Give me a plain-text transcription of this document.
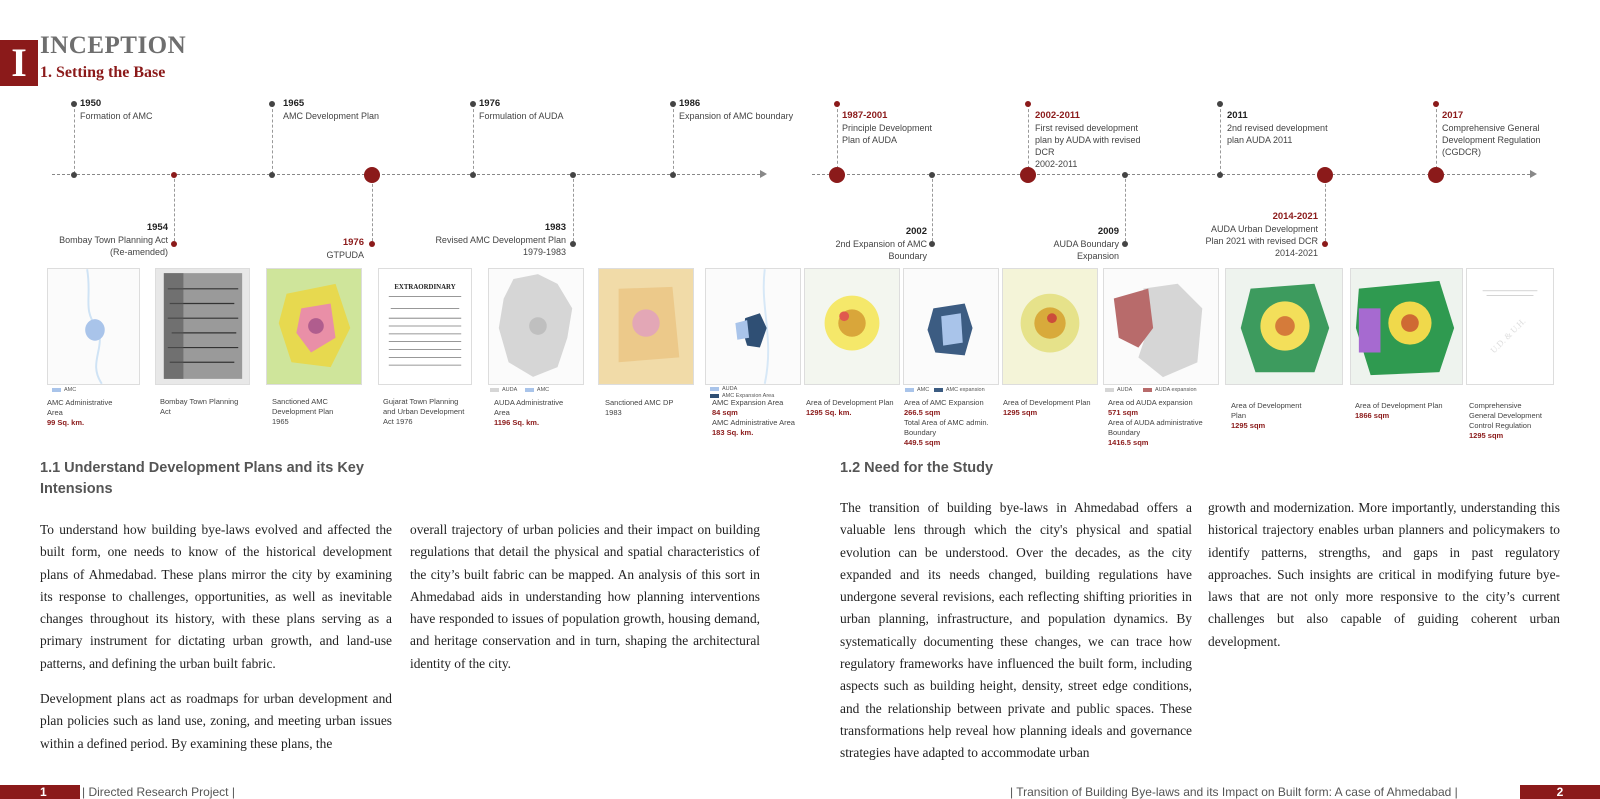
I INCEPTION
1. Setting the Base
1950
Formation of AMC
1965
AMC Development Plan
1976
Formulation of AUDA
1986
Expansion of AMC boundary	1987-2001
Principle Development
Plan of AUDA

2002-2011
First revised development
plan by AUDA with revised
DCR
2002-2011

2011
2nd revised development
plan AUDA 2011

2017
Comprehensive General
Development Regulation
(CGDCR)

1954
Bombay Town Planning Act
(Re-amended)

1976
GTPUDA

1983
Revised AMC Development Plan
1979-1983

2002
2nd Expansion of AMC
Boundary

2009
AUDA Boundary
Expansion

2014-2021
AUDA Urban Development
Plan 2021 with revised DCR
2014-2021
EXTRAORDINARY
U.D. & U.H.
AMC	AUDA	AMC	AUDA
AMC Expansion Area
AMC	AMC expansion	AUDA	AUDA expansion
AMC Administrative
Area
99 Sq. km.
Bombay Town Planning
Act
Sanctioned AMC
Development Plan
1965
Gujarat Town Planning
and Urban Development
Act 1976
AUDA Administrative
Area
1196 Sq. km.
Sanctioned AMC DP
1983
AMC Expansion Area
84 sqm
AMC Administrative Area
183 Sq. km.
Area of Development Plan
1295 Sq. km.
Area of AMC Expansion
266.5 sqm
Total Area of AMC admin.
Boundary
449.5 sqm
Area of Development Plan
1295 sqm
Area od AUDA expansion
571 sqm
Area of AUDA administrative
Boundary
1416.5 sqm
Area of Development
Plan
1295 sqm
Area of Development Plan
1866 sqm
Comprehensive
General Development
Control Regulation
1295 sqm
1.1 Understand Development Plans and its Key Intensions

To understand how building bye-laws evolved and affected the built form, one needs to know of the historical development plans of Ahmedabad. These plans mirror the city by examining its response to challenges, opportunities, as well as inevitable changes throughout its history, with these plans serving as a primary instrument for dictating urban growth, and land-use patterns, and defining the urban built fabric.

Development plans act as roadmaps for urban development and plan policies such as land use, zoning, and meeting urban issues within a defined period. By examining these plans, the

overall trajectory of urban policies and their impact on building regulations that detail the physical and spatial characteristics of the city’s built fabric can be mapped. An analysis of this sort in Ahmedabad aids in understanding how planning interventions have responded to issues of population growth, housing demand, and heritage conservation and in turn, shaping the architectural identity of the city.

1.2 Need for the Study

The transition of building bye-laws in Ahmedabad offers a valuable lens through which the city's physical and spatial evolution can be understood. Over the decades, as the city expanded and its needs changed, building regulations have undergone several revisions, each reflecting shifting priorities in urban planning, infrastructure, and population dynamics. By systematically documenting these changes, we can trace how regulatory frameworks have influenced the built form, including aspects such as building height, density, street edge conditions, and the relationship between private and public spaces. These transformations help reveal how planning ideals and governance strategies have adapted to accommodate urban

growth and modernization. More importantly, understanding this historical trajectory enables urban planners and policymakers to identify patterns, strengths, and gaps in past regulatory approaches. Such insights are critical in modifying future bye-laws that are not only more responsive to the city’s current challenges but also capable of guiding coherent urban development.

1	| Directed Research Project |	| Transition of Building Bye-laws and its Impact on Built form: A case of Ahmedabad |	2
